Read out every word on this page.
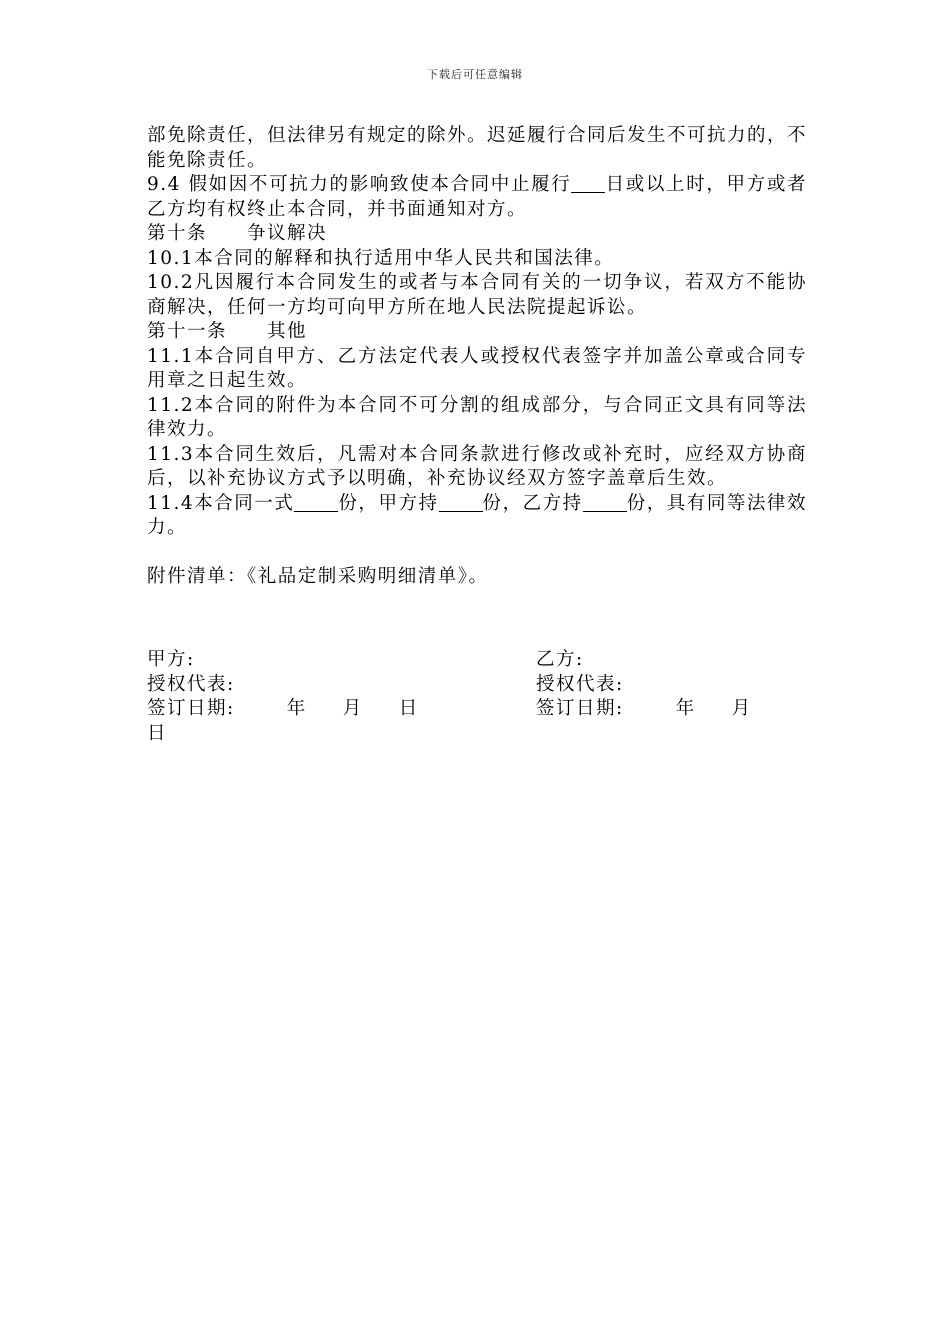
下载后可任意编辑

部免除责任，但法律另有规定的除外。迟延履行合同后发生不可抗力的，不能免除责任。

9.4 假如因不可抗力的影响致使本合同中止履行 日或以上时，甲方或者乙方均有权终止本合同，并书面通知对方。

第十条 争议解决

10.1本合同的解释和执行适用中华人民共和国法律。

10.2凡因履行本合同发生的或者与本合同有关的一切争议，若双方不能协商解决，任何一方均可向甲方所在地人民法院提起诉讼。

第十一条 其他

11.1本合同自甲方、乙方法定代表人或授权代表签字并加盖公章或合同专用章之日起生效。

11.2本合同的附件为本合同不可分割的组成部分，与合同正文具有同等法律效力。

11.3本合同生效后，凡需对本合同条款进行修改或补充时，应经双方协商后，以补充协议方式予以明确，补充协议经双方签字盖章后生效。

11.4本合同一式 份，甲方持 份，乙方持 份，具有同等法律效力。

附件清单：《礼品定制采购明细清单》。

甲方:	乙方:
授权代表:	授权代表:
签订日期:	年 月 日	签订日期:	年 月
日
